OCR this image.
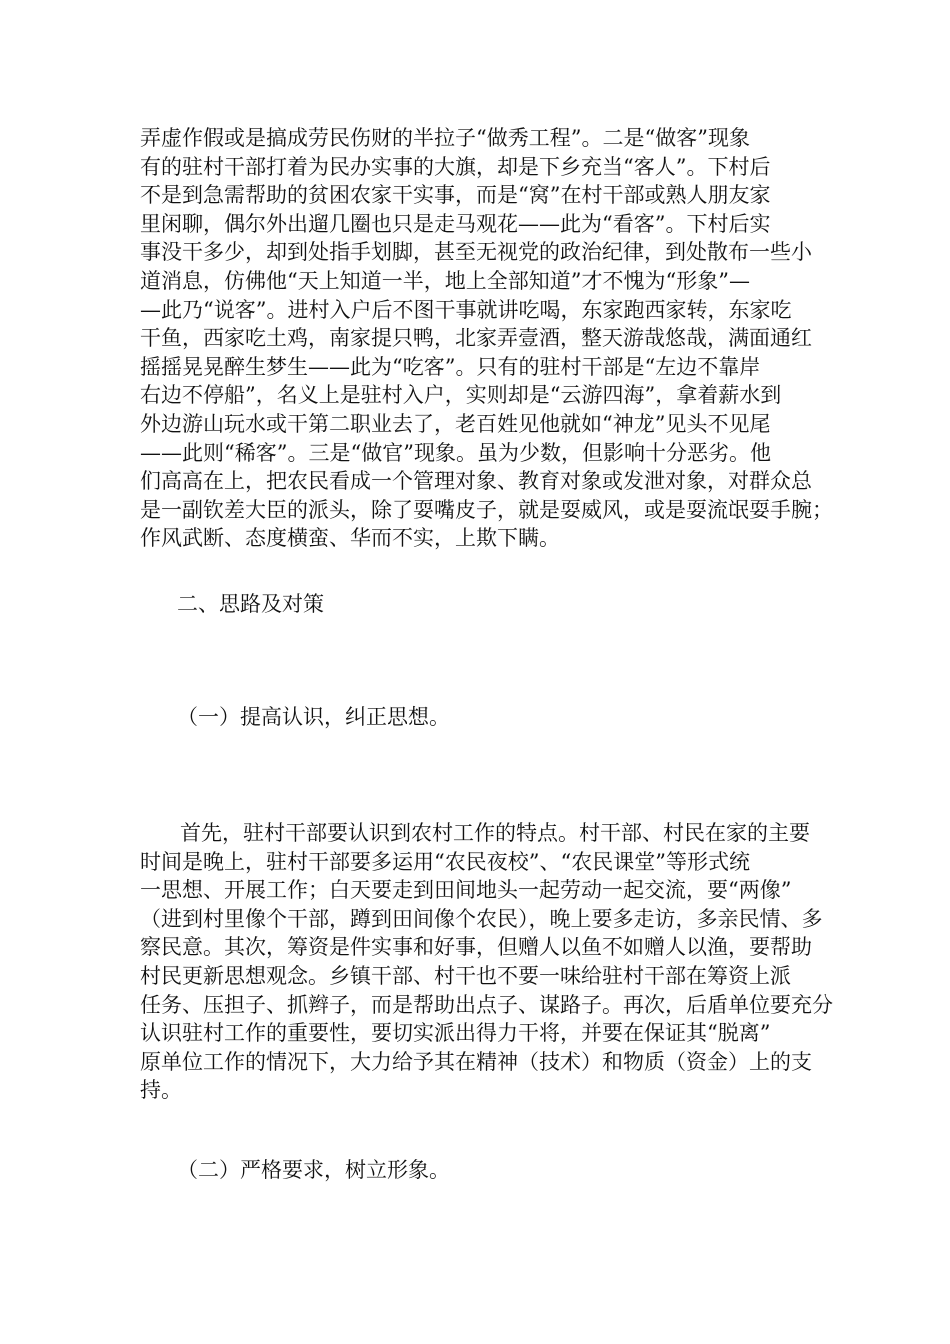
弄虚作假或是搞成劳民伤财的半拉子“做秀工程”。二是“做客”现象
有的驻村干部打着为民办实事的大旗，却是下乡充当“客人”。下村后
不是到急需帮助的贫困农家干实事，而是“窝”在村干部或熟人朋友家
里闲聊，偶尔外出遛几圈也只是走马观花——此为“看客”。下村后实
事没干多少，却到处指手划脚，甚至无视党的政治纪律，到处散布一些小
道消息，仿佛他“天上知道一半，地上全部知道”才不愧为“形象”—
—此乃“说客”。进村入户后不图干事就讲吃喝，东家跑西家转，东家吃
干鱼，西家吃土鸡，南家提只鸭，北家弄壹酒，整天游哉悠哉，满面通红
摇摇晃晃醉生梦生——此为“吃客”。只有的驻村干部是“左边不靠岸
右边不停船”，名义上是驻村入户，实则却是“云游四海”，拿着薪水到
外边游山玩水或干第二职业去了，老百姓见他就如“神龙”见头不见尾
——此则“稀客”。三是“做官”现象。虽为少数，但影响十分恶劣。他
们高高在上，把农民看成一个管理对象、教育对象或发泄对象，对群众总
是一副钦差大臣的派头，除了耍嘴皮子，就是耍威风，或是耍流氓耍手腕；
作风武断、态度横蛮、华而不实，上欺下瞒。
二、思路及对策
（一）提高认识，纠正思想。
首先，驻村干部要认识到农村工作的特点。村干部、村民在家的主要
时间是晚上，驻村干部要多运用“农民夜校”、“农民课堂”等形式统
一思想、开展工作；白天要走到田间地头一起劳动一起交流，要“两像”
（进到村里像个干部，蹲到田间像个农民），晚上要多走访，多亲民情、多
察民意。其次，筹资是件实事和好事，但赠人以鱼不如赠人以渔，要帮助
村民更新思想观念。乡镇干部、村干也不要一味给驻村干部在筹资上派
任务、压担子、抓辫子，而是帮助出点子、谋路子。再次，后盾单位要充分
认识驻村工作的重要性，要切实派出得力干将，并要在保证其“脱离”
原单位工作的情况下，大力给予其在精神（技术）和物质（资金）上的支
持。
（二）严格要求，树立形象。
